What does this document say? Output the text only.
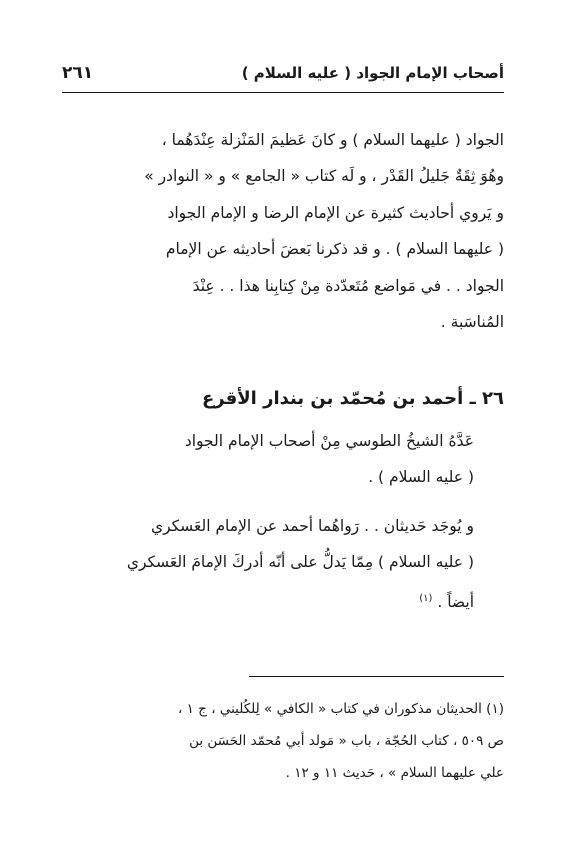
أصحاب الإمام الجواد ( عليه السلام )
٢٦١
الجواد ( عليهما السلام ) و كانَ عَظيمَ المَنْزلة عِنْدَهُما ،
وهُوَ ثِقَةٌ جَليلُ القَدْر ، و لَه كتاب « الجامع » و « النوادر »
و يَروي أحاديث كثيرة عن الإمام الرضا و الإمام الجواد
( عليهما السلام ) . و قد ذكرنا بَعضَ أحاديثه عن الإمام
الجواد . . في مَواضع مُتَعدّدة مِنْ كِتابِنا هذا . . عِنْدَ
المُناسَبة .
٢٦ ـ أحمد بن مُحمّد بن بندار الأقرع
عَدَّهُ الشيخُ الطوسي مِنْ أصحاب الإمام الجواد
( عليه السلام ) .
و يُوجَد حَديثان . . رَواهُما أحمد عن الإمام العَسكري
( عليه السلام ) مِمّا يَدلُّ على أنّه أدركَ الإمامَ العَسكري
أيضاً . $^{(١)}$
(١) الحديثان مذكوران في كتاب « الكافي » لِلكُليني ، ج ١ ،
ص ٥٠٩ ، كتاب الحُجّة ، باب « مَولد أبي مُحمّد الحَسَن بن
علي عليهما السلام » ، حَديث ١١ و ١٢ .
